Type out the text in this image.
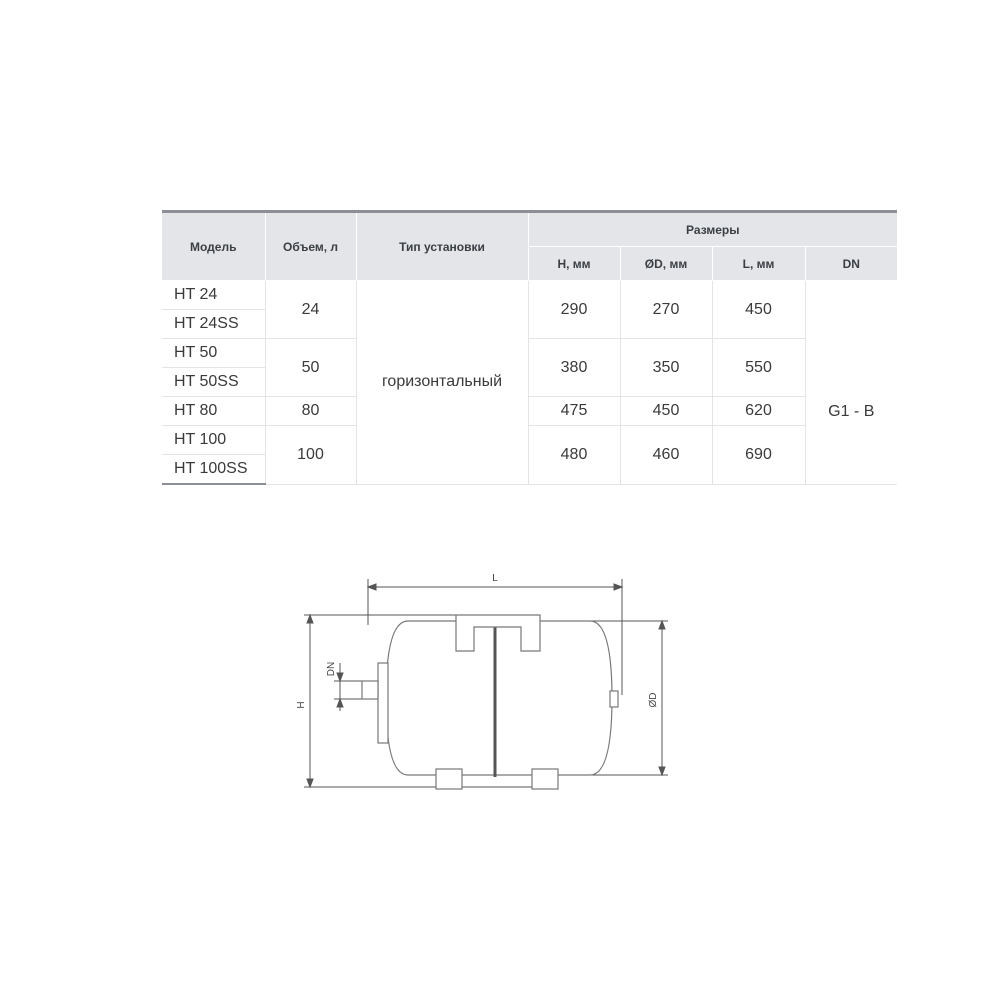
Модель	Объем, л	Тип установки	Размеры			
			H, мм	ØD, мм	L, мм	DN
HT 24	24	горизонтальный	290	270	450	G1 - B
HT 24SS						
HT 50	50		380	350	550	
HT 50SS						
HT 80	80		475	450	620	
HT 100	100		480	460	690	
HT 100SS						
L
H	ØD
DN
